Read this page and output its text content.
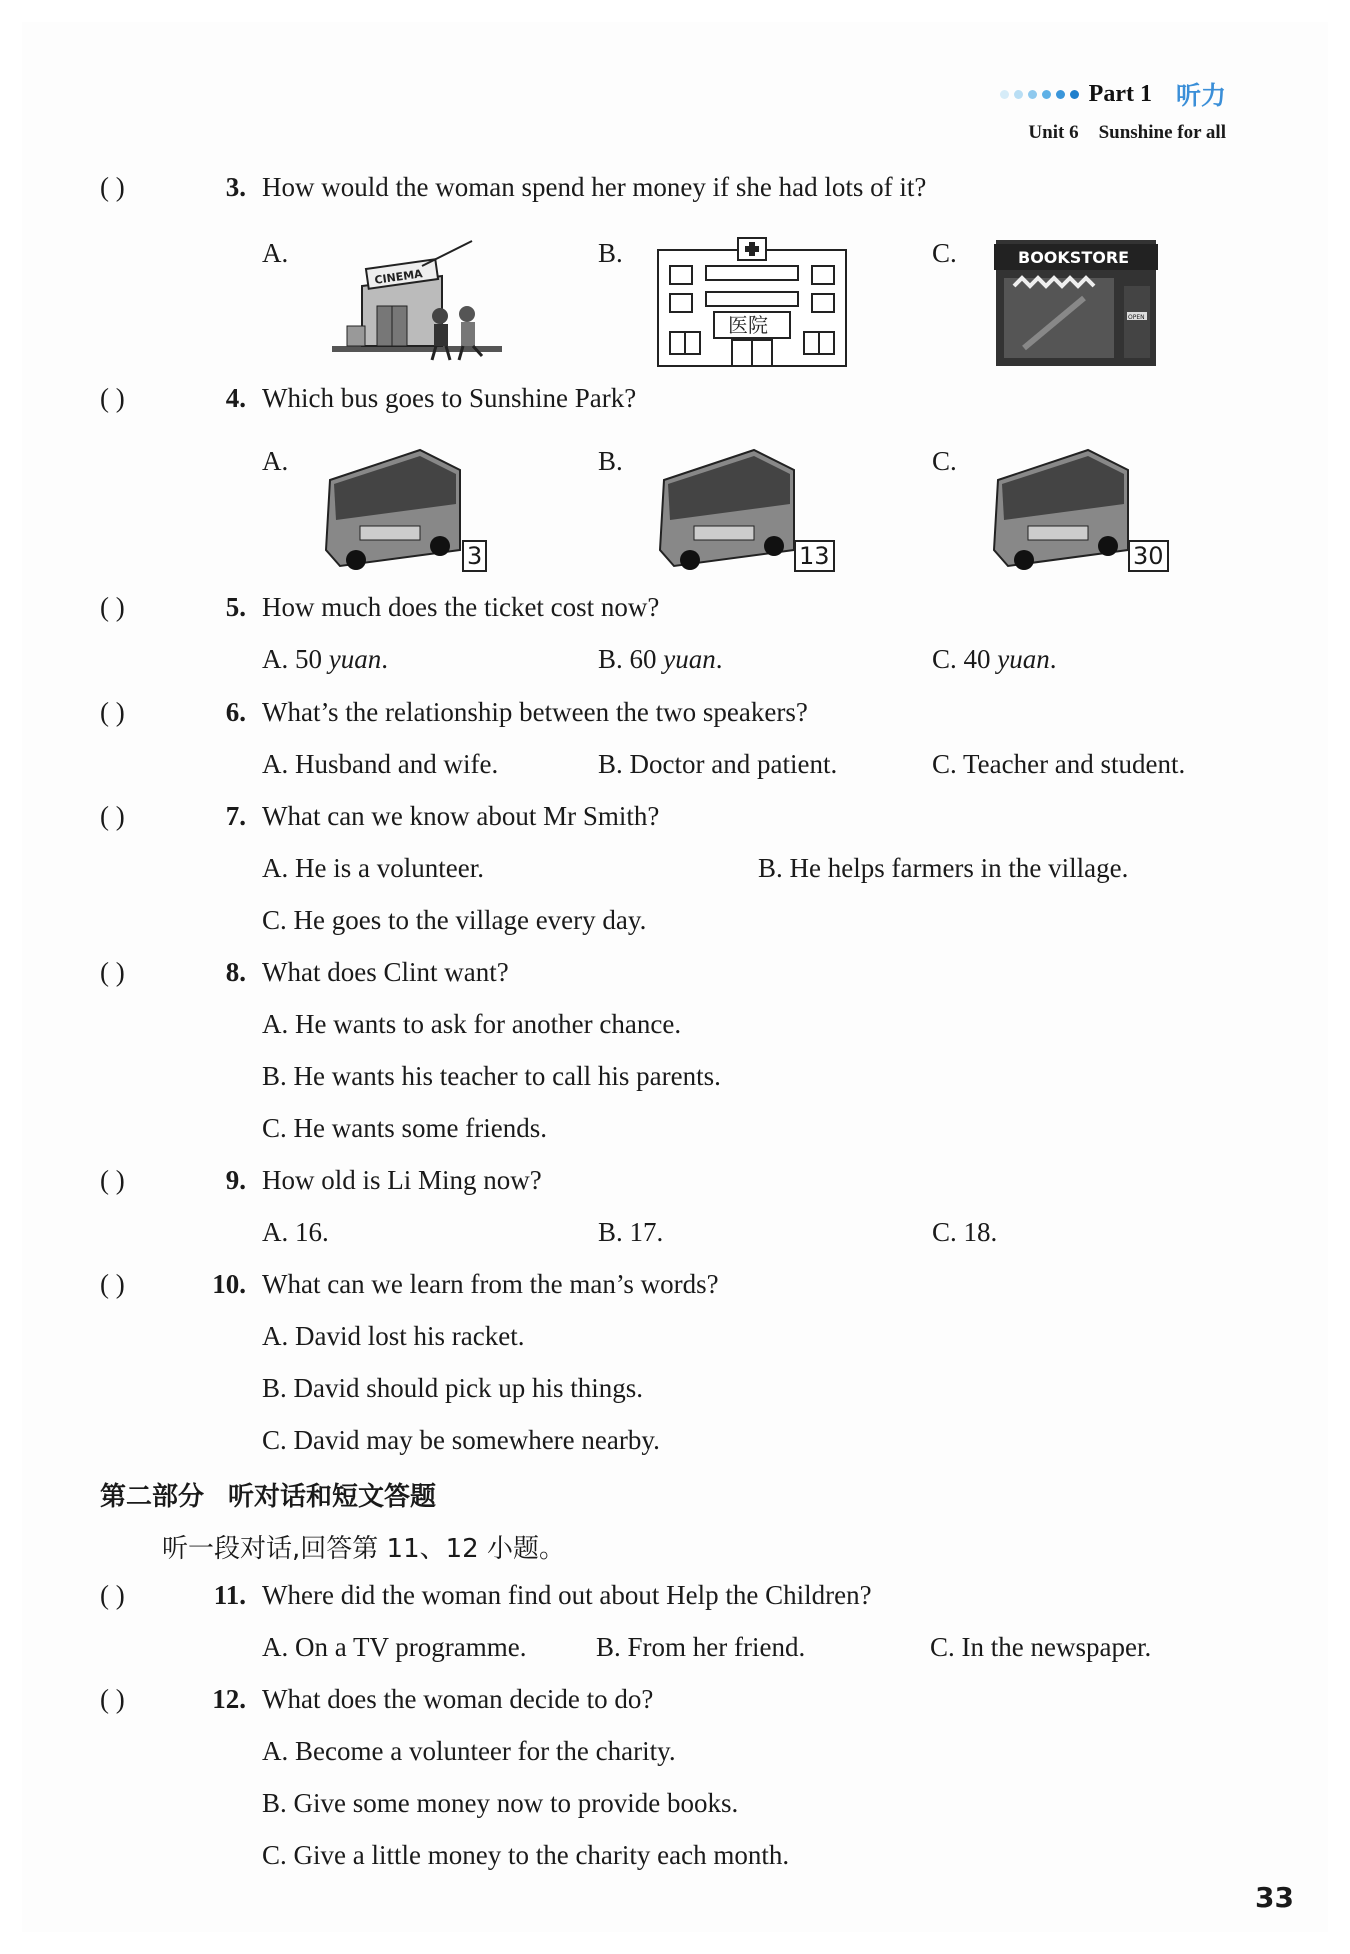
Part 1 听力
Unit 6 Sunshine for all
( )	3. How would the woman spend her money if she had lots of it?
A.	B.	C.
CINEMA
医院
BOOKSTORE
OPEN
( )	4. Which bus goes to Sunshine Park?
A.	B.	C.
3	13	30
( )	5. How much does the ticket cost now?
A. 50 yuan.	B. 60 yuan.	C. 40 yuan.
( )	6. What’s the relationship between the two speakers?
A. Husband and wife.	B. Doctor and patient.	C. Teacher and student.
( )	7. What can we know about Mr Smith?
A. He is a volunteer.	B. He helps farmers in the village.
C. He goes to the village every day.
( )	8. What does Clint want?
A. He wants to ask for another chance.
B. He wants his teacher to call his parents.
C. He wants some friends.
( )	9. How old is Li Ming now?
A. 16.	B. 17.	C. 18.
( )	10. What can we learn from the man’s words?
A. David lost his racket.
B. David should pick up his things.
C. David may be somewhere nearby.
第二部分 听对话和短文答题
听一段对话,回答第 11、12 小题。
( )	11. Where did the woman find out about Help the Children?
A. On a TV programme.	B. From her friend.	C. In the newspaper.
( )	12. What does the woman decide to do?
A. Become a volunteer for the charity.
B. Give some money now to provide books.
C. Give a little money to the charity each month.
33
